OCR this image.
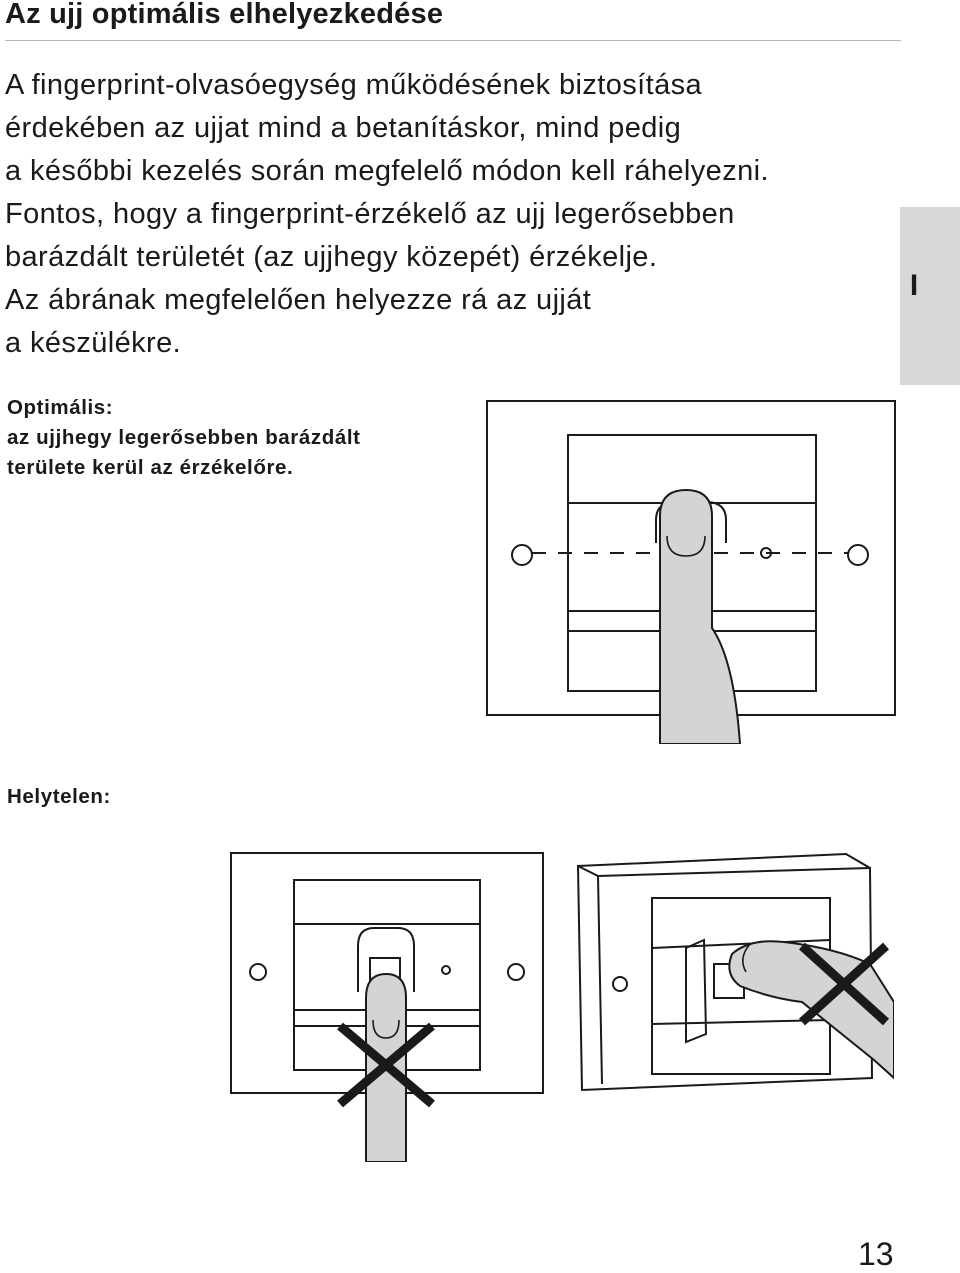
Az ujj optimális elhelyezkedése
A fingerprint-olvasóegység működésének biztosítása
érdekében az ujjat mind a betanításkor, mind pedig
a későbbi kezelés során megfelelő módon kell ráhelyezni.
Fontos, hogy a fingerprint-érzékelő az ujj legerősebben
barázdált területét (az ujjhegy közepét) érzékelje.
Az ábrának megfelelően helyezze rá az ujját
a készülékre.
I
Optimális:
az ujjhegy legerősebben barázdált
területe kerül az érzékelőre.
Helytelen:
13
